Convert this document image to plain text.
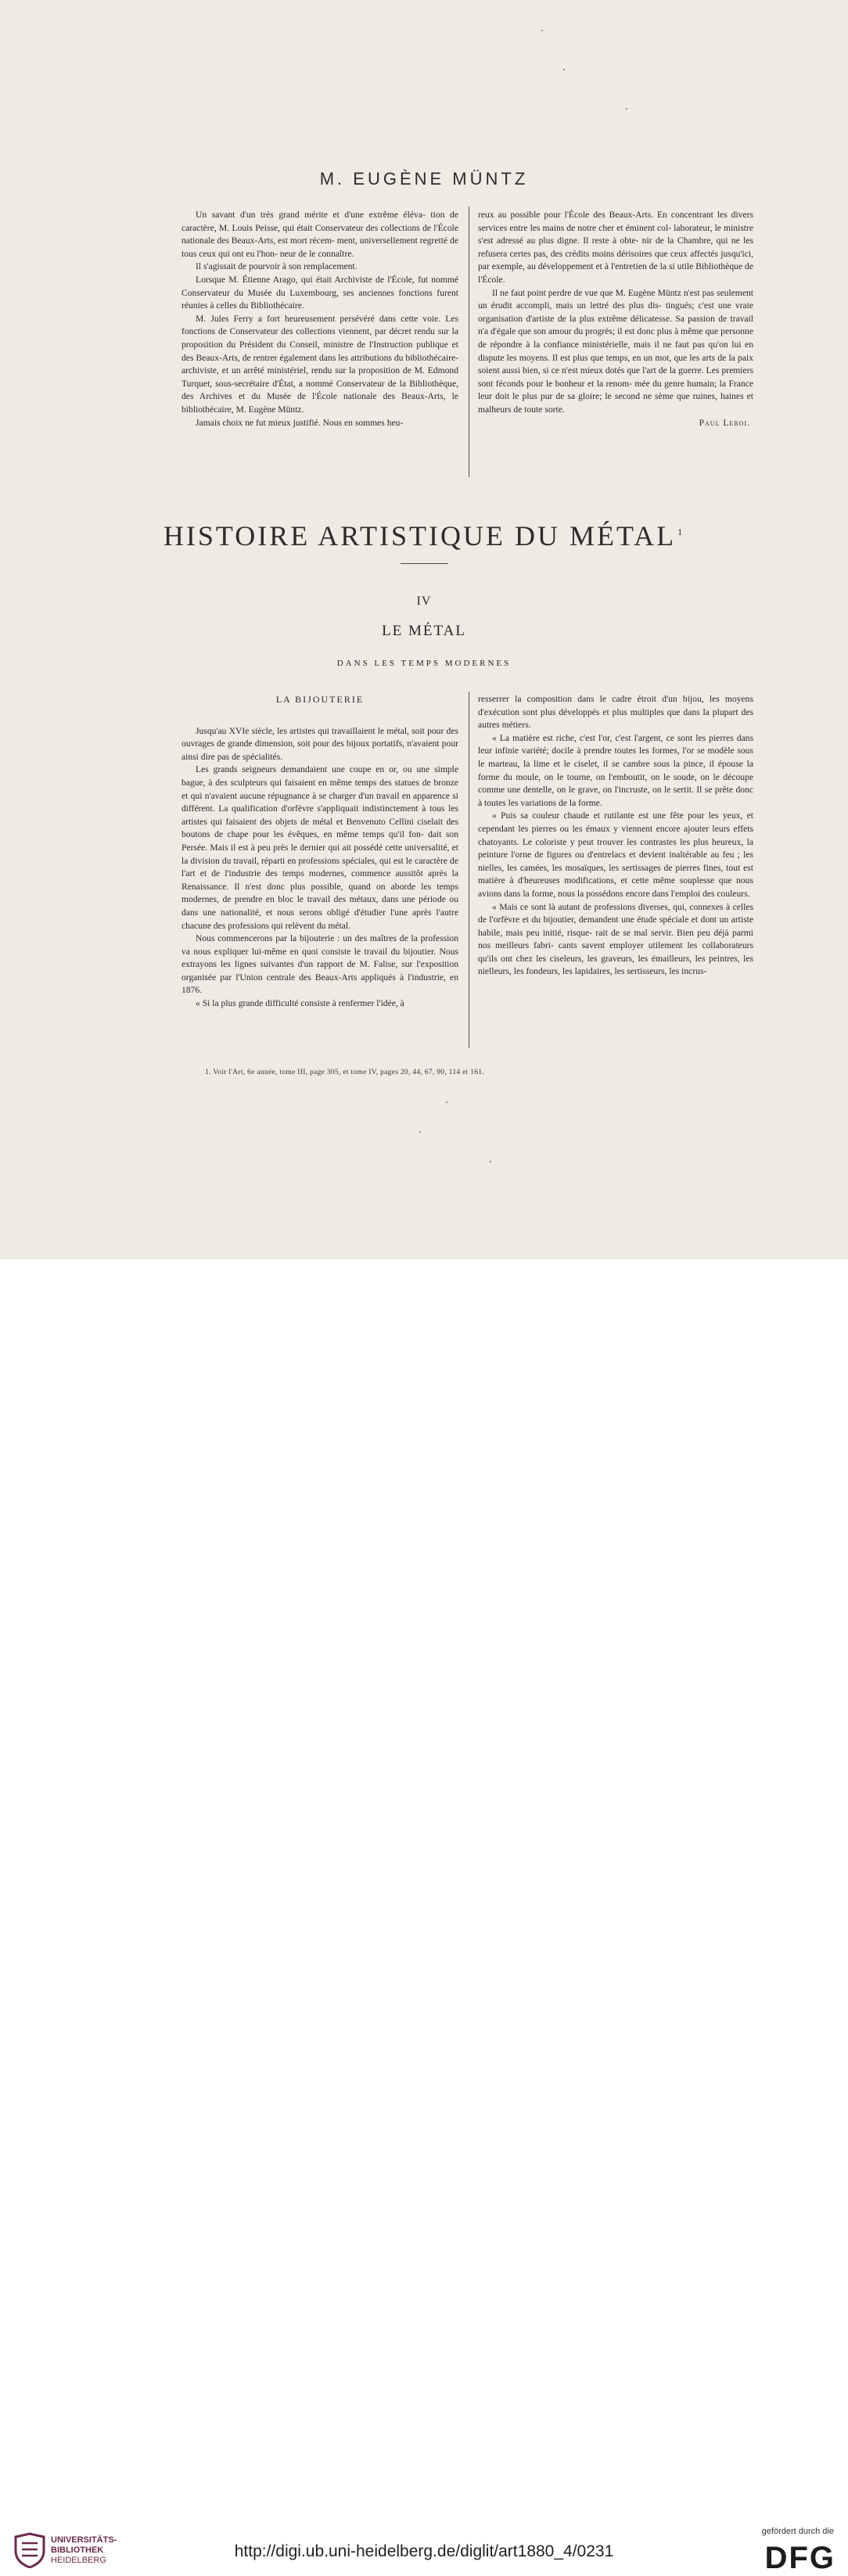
M. EUGÈNE MÜNTZ

Un savant d'un très grand mérite et d'une extrême éléva- tion de caractère, M. Louis Peisse, qui était Conservateur des collections de l'École nationale des Beaux-Arts, est mort récem- ment, universellement regretté de tous ceux qui ont eu l'hon- neur de le connaître.

Il s'agissait de pourvoir à son remplacement.

Lorsque M. Étienne Arago, qui était Archiviste de l'École, fut nommé Conservateur du Musée du Luxembourg, ses anciennes fonctions furent réunies à celles du Bibliothécaire.

M. Jules Ferry a fort heureusement persévéré dans cette voie. Les fonctions de Conservateur des collections viennent, par décret rendu sur la proposition du Président du Conseil, ministre de l'Instruction publique et des Beaux-Arts, de rentrer également dans les attributions du bibliothécaire-archiviste, et un arrêté ministériel, rendu sur la proposition de M. Edmond Turquet, sous-secrétaire d'État, a nommé Conservateur de la Bibliothèque, des Archives et du Musée de l'École nationale des Beaux-Arts, le bibliothécaire, M. Eugène Müntz.

Jamais choix ne fut mieux justifié. Nous en sommes heu-

reux au possible pour l'École des Beaux-Arts. En concentrant les divers services entre les mains de notre cher et éminent col- laborateur, le ministre s'est adressé au plus digne. Il reste à obte- nir de la Chambre, qui ne les refusera certes pas, des crédits moins dérisoires que ceux affectés jusqu'ici, par exemple, au développement et à l'entretien de la si utile Bibliothèque de l'École.

Il ne faut point perdre de vue que M. Eugène Müntz n'est pas seulement un érudit accompli, mais un lettré des plus dis- tingués; c'est une vraie organisation d'artiste de la plus extrême délicatesse. Sa passion de travail n'a d'égale que son amour du progrès; il est donc plus à même que personne de répondre à la confiance ministérielle, mais il ne faut pas qu'on lui en dispute les moyens. Il est plus que temps, en un mot, que les arts de la paix soient aussi bien, si ce n'est mieux dotés que l'art de la guerre. Les premiers sont féconds pour le bonheur et la renom- mée du genre humain; la France leur doit le plus pur de sa gloire; le second ne sème que ruines, haines et malheurs de toute sorte.

Paul Leroi.

HISTOIRE ARTISTIQUE DU MÉTAL $^1$
IV
LE MÉTAL
DANS LES TEMPS MODERNES
LA BIJOUTERIE

Jusqu'au XVIe siècle, les artistes qui travaillaient le métal, soit pour des ouvrages de grande dimension, soit pour des bijoux portatifs, n'avaient pour ainsi dire pas de spécialités.

Les grands seigneurs demandaient une coupe en or, ou une simple bague, à des sculpteurs qui faisaient en même temps des statues de bronze et qui n'avaient aucune répugnance à se charger d'un travail en apparence si différent. La qualification d'orfèvre s'appliquait indistinctement à tous les artistes qui faisaient des objets de métal et Benvenuto Cellini ciselait des boutons de chape pour les évêques, en même temps qu'il fon- dait son Persée. Mais il est à peu près le dernier qui ait possédé cette universalité, et la division du travail, réparti en professions spéciales, qui est le caractère de l'art et de l'industrie des temps modernes, commence aussitôt après la Renaissance. Il n'est donc plus possible, quand on aborde les temps modernes, de prendre en bloc le travail des métaux, dans une période ou dans une nationalité, et nous serons obligé d'étudier l'une après l'autre chacune des professions qui relèvent du métal.

Nous commencerons par la bijouterie : un des maîtres de la profession va nous expliquer lui-même en quoi consiste le travail du bijoutier. Nous extrayons les lignes suivantes d'un rapport de M. Falise, sur l'exposition organisée par l'Union centrale des Beaux-Arts appliqués à l'industrie, en 1876.

« Si la plus grande difficulté consiste à renfermer l'idée, à

resserrer la composition dans le cadre étroit d'un bijou, les moyens d'exécution sont plus développés et plus multiples que dans la plupart des autres métiers.

« La matière est riche, c'est l'or, c'est l'argent, ce sont les pierres dans leur infinie variété; docile à prendre toutes les formes, l'or se modèle sous le marteau, la lime et le ciselet, il se cambre sous la pince, il épouse la forme du moule, on le tourne, on l'emboutit, on le soude, on le découpe comme une dentelle, on le grave, on l'incruste, on le sertit. Il se prête donc à toutes les variations de la forme.

« Puis sa couleur chaude et rutilante est une fête pour les yeux, et cependant les pierres ou les émaux y viennent encore ajouter leurs effets chatoyants. Le coloriste y peut trouver les contrastes les plus heureux, la peinture l'orne de figures ou d'entrelacs et devient inaltérable au feu ; les nielles, les camées, les mosaïques, les sertissages de pierres fines, tout est matière à d'heureuses modifications, et cette même souplesse que nous avions dans la forme, nous la possédons encore dans l'emploi des couleurs.

« Mais ce sont là autant de professions diverses, qui, connexes à celles de l'orfèvre et du bijoutier, demandent une étude spéciale et dont un artiste habile, mais peu initié, risque- rait de se mal servir. Bien peu déjà parmi nos meilleurs fabri- cants savent employer utilement les collaborateurs qu'ils ont chez les ciseleurs, les graveurs, les émailleurs, les peintres, les nielleurs, les fondeurs, les lapidaires, les sertisseurs, les incrus-

1. Voir l'Art, 6e année, tome III, page 305, et tome IV, pages 20, 44, 67, 90, 114 et 161.
UNIVERSITÄTS-
BIBLIOTHEK
HEIDELBERG	http://digi.ub.uni-heidelberg.de/diglit/art1880_4/0231
gefördert durch die
DFG
